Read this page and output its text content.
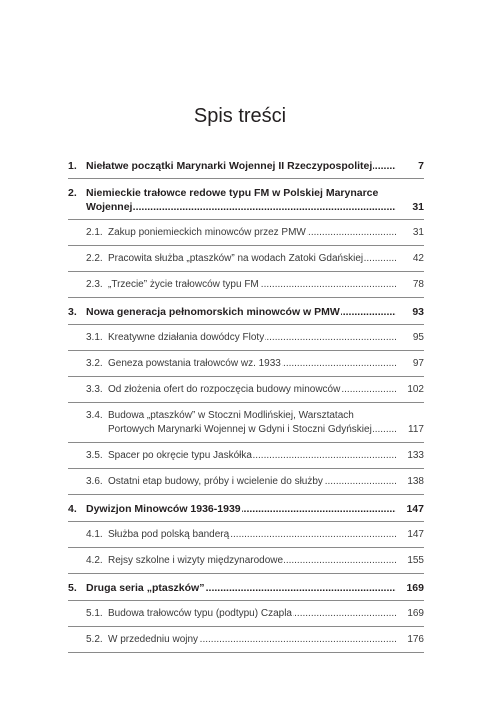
Spis treści
1. Niełatwe początki Marynarki Wojennej II Rzeczypospolitej .....	7
2. Niemieckie trałowce redowe typu FM w Polskiej Marynarce
Wojennej .....	31
2.1. Zakup poniemieckich minowców przez PMW .....	31
2.2. Pracowita służba „ptaszków” na wodach Zatoki Gdańskiej .....	42
2.3. „Trzecie” życie trałowców typu FM .....	78
3. Nowa generacja pełnomorskich minowców w PMW .....	93
3.1. Kreatywne działania dowódcy Floty .....	95
3.2. Geneza powstania trałowców wz. 1933 .....	97
3.3. Od złożenia ofert do rozpoczęcia budowy minowców .....	102
3.4. Budowa „ptaszków” w Stoczni Modlińskiej, Warsztatach
Portowych Marynarki Wojennej w Gdyni i Stoczni Gdyńskiej .....	117
3.5. Spacer po okręcie typu Jaskółka .....	133
3.6. Ostatni etap budowy, próby i wcielenie do służby .....	138
4. Dywizjon Minowców 1936-1939 .....	147
4.1. Służba pod polską banderą .....	147
4.2. Rejsy szkolne i wizyty międzynarodowe .....	155
5. Druga seria „ptaszków” .....	169
5.1. Budowa trałowców typu (podtypu) Czapla .....	169
5.2. W przededniu wojny .....	176
